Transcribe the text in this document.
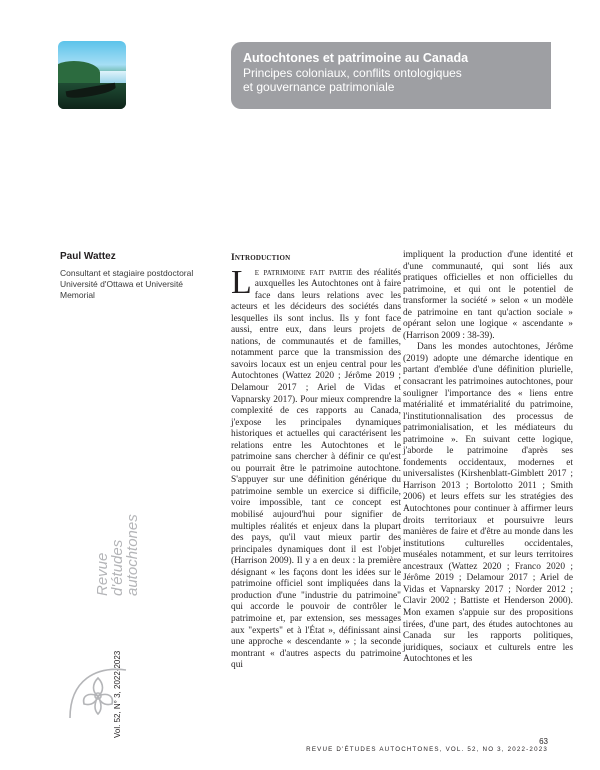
Autochtones et patrimoine au Canada
Principes coloniaux, conflits ontologiques
et gouvernance patrimoniale
Paul Wattez
Consultant et stagiaire postdoctoral Université d'Ottawa et Université Memorial
Introduction

Le patrimoine fait partie des réalités auxquelles les Autochtones ont à faire face dans leurs relations avec les acteurs et les décideurs des sociétés dans lesquelles ils sont inclus. Ils y font face aussi, entre eux, dans leurs projets de nations, de communautés et de familles, notamment parce que la transmission des savoirs locaux est un enjeu central pour les Autochtones (Wattez 2020 ; Jérôme 2019 ; Delamour 2017 ; Ariel de Vidas et Vapnarsky 2017). Pour mieux comprendre la complexité de ces rapports au Canada, j'expose les principales dynamiques historiques et actuelles qui caractérisent les relations entre les Autochtones et le patrimoine sans chercher à définir ce qu'est ou pourrait être le patrimoine autochtone. S'appuyer sur une définition générique du patrimoine semble un exercice si difficile, voire impossible, tant ce concept est mobilisé aujourd'hui pour signifier de multiples réalités et enjeux dans la plupart des pays, qu'il vaut mieux partir des principales dynamiques dont il est l'objet (Harrison 2009). Il y a en deux : la première désignant « les façons dont les idées sur le patrimoine officiel sont impliquées dans la production d'une "industrie du patrimoine" qui accorde le pouvoir de contrôler le patrimoine et, par extension, ses messages aux "experts" et à l'État », définissant ainsi une approche « descendante » ; la seconde montrant « d'autres aspects du patrimoine qui

impliquent la production d'une identité et d'une communauté, qui sont liés aux pratiques officielles et non officielles du patrimoine, et qui ont le potentiel de transformer la société » selon « un modèle de patrimoine en tant qu'action sociale » opérant selon une logique « ascendante » (Harrison 2009 : 38-39).

Dans les mondes autochtones, Jérôme (2019) adopte une démarche identique en partant d'emblée d'une définition plurielle, consacrant les patrimoines autochtones, pour souligner l'importance des « liens entre matérialité et immatérialité du patrimoine, l'institutionnalisation des processus de patrimonialisation, et les médiateurs du patrimoine ». En suivant cette logique, j'aborde le patrimoine d'après ses fondements occidentaux, modernes et universalistes (Kirshenblatt-Gimblett 2017 ; Harrison 2013 ; Bortolotto 2011 ; Smith 2006) et leurs effets sur les stratégies des Autochtones pour continuer à affirmer leurs droits territoriaux et poursuivre leurs manières de faire et d'être au monde dans les institutions culturelles occidentales, muséales notamment, et sur leurs territoires ancestraux (Wattez 2020 ; Franco 2020 ; Jérôme 2019 ; Delamour 2017 ; Ariel de Vidas et Vapnarsky 2017 ; Norder 2012 ; Clavir 2002 ; Battiste et Henderson 2000). Mon examen s'appuie sur des propositions tirées, d'une part, des études autochtones au Canada sur les rapports politiques, juridiques, sociaux et culturels entre les Autochtones et les

Revue
d'études
autochtones
Vol. 52, N° 3, 2022-2023
63
REVUE D'ÉTUDES AUTOCHTONES, VOL. 52, NO 3, 2022-2023
